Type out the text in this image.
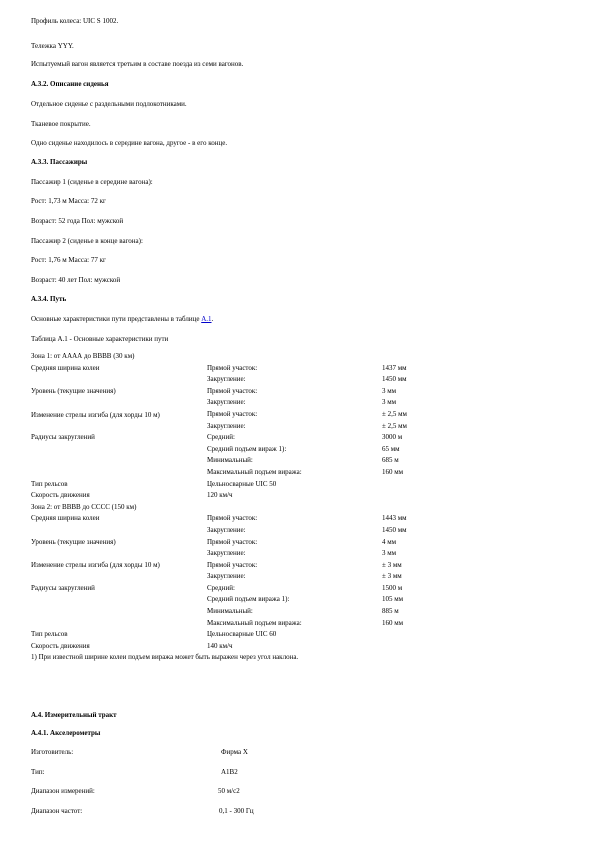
Профиль колеса: UIC S 1002.
Тележка YYY.
Испытуемый вагон является третьим в составе поезда из семи вагонов.
А.3.2. Описание сиденья
Отдельное сиденье с раздельными подлокотниками.
Тканевое покрытие.
Одно сиденье находилось в середине вагона, другое - в его конце.
А.3.3. Пассажиры
Пассажир 1 (сиденье в середине вагона):
Рост: 1,73 м Масса: 72 кг
Возраст: 52 года Пол: мужской
Пассажир 2 (сиденье в конце вагона):
Рост: 1,76 м Масса: 77 кг
Возраст: 40 лет Пол: мужской
А.3.4. Путь
Основные характеристики пути представлены в таблице А.1.
Таблица А.1 - Основные характеристики пути
Зона 1: от АААА до ВВВВ (30 км)
Средняя ширина колеи	Прямой участок:	1437 мм
Закругление:	1450 мм
Уровень (текущие значения)	Прямой участок:	3 мм
Закругление:	3 мм
Изменение стрелы изгиба (для хорды 10 м)	Прямой участок:	± 2,5 мм
Закругление:	± 2,5 мм
Радиусы закруглений	Средний:	3000 м
Средний подъем вираж 1):	65 мм
Минимальный:	685 м
Максимальный подъем виража:	160 мм
Тип рельсов	Цельносварные UIC 50
Скорость движения	120 км/ч
Зона 2: от ВВВВ до СССС (150 км)
Средняя ширина колеи	Прямой участок:	1443 мм
Закругление:	1450 мм
Уровень (текущие значения)	Прямой участок:	4 мм
Закругление:	3 мм
Изменение стрелы изгиба (для хорды 10 м)	Прямой участок:	± 3 мм
Закругление:	± 3 мм
Радиусы закруглений	Средний:	1500 м
Средний подъем виража 1):	105 мм
Минимальный:	885 м
Максимальный подъем виража:	160 мм
Тип рельсов	Цельносварные UIC 60
Скорость движения	140 км/ч
1) При известной ширине колеи подъем виража может быть выражен через угол наклона.
А.4. Измерительный тракт
А.4.1. Акселерометры
Изготовитель:	Фирма X
Тип:	A1B2
Диапазон измерений:	50 м/с2
Диапазон частот:	0,1 - 300 Гц
